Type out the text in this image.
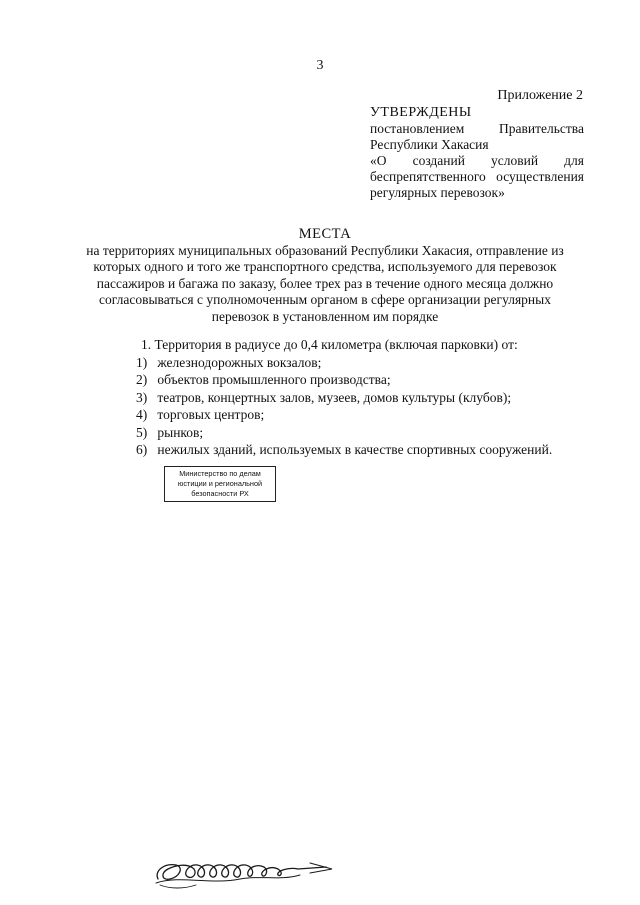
3
Приложение 2
УТВЕРЖДЕНЫ
постановлением Правительства
Республики Хакасия
«О созданий условий для
беспрепятственного осуществления
регулярных перевозок»
МЕСТА
на территориях муниципальных образований Республики Хакасия, отправление из
которых одного и того же транспортного средства, используемого для перевозок
пассажиров и багажа по заказу, более трех раз в течение одного месяца должно
согласовываться с уполномоченным органом в сфере организации регулярных
перевозок в установленном им порядке
1. Территория в радиусе до 0,4 километра (включая парковки) от:
1) железнодорожных вокзалов;
2) объектов промышленного производства;
3) театров, концертных залов, музеев, домов культуры (клубов);
4) торговых центров;
5) рынков;
6) нежилых зданий, используемых в качестве спортивных сооружений.
Министерство по делам
юстиции и региональной
безопасности РХ
